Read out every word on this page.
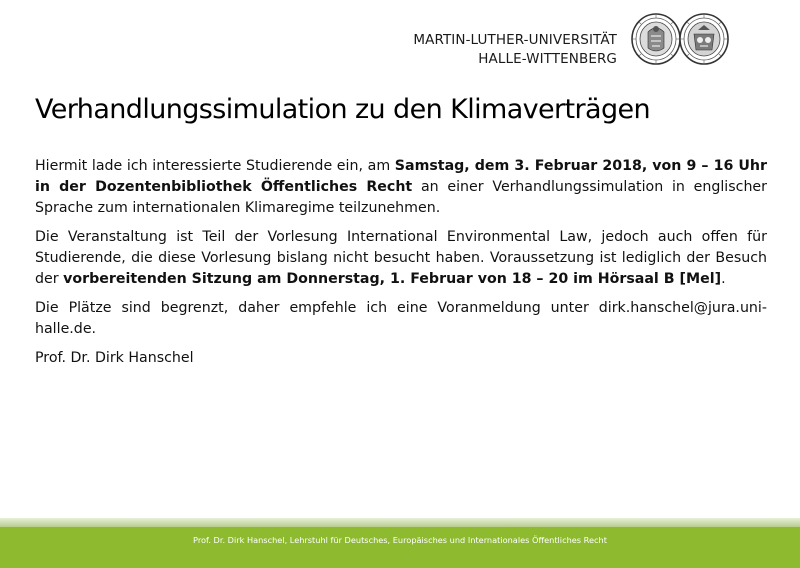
MARTIN-LUTHER-UNIVERSITÄT
HALLE-WITTENBERG
Verhandlungssimulation zu den Klimaverträgen

Hiermit lade ich interessierte Studierende ein, am Samstag, dem 3. Februar 2018, von 9 – 16 Uhr in der Dozentenbibliothek Öffentliches Recht an einer Verhandlungssimulation in englischer Sprache zum internationalen Klimaregime teilzunehmen.

Die Veranstaltung ist Teil der Vorlesung International Environmental Law, jedoch auch offen für Studierende, die diese Vorlesung bislang nicht besucht haben. Voraussetzung ist lediglich der Besuch der vorbereitenden Sitzung am Donnerstag, 1. Februar von 18 – 20 im Hörsaal B [Mel].

Die Plätze sind begrenzt, daher empfehle ich eine Voranmeldung unter dirk.hanschel@jura.uni-halle.de.

Prof. Dr. Dirk Hanschel

Prof. Dr. Dirk Hanschel, Lehrstuhl für Deutsches, Europäisches und Internationales Öffentliches Recht
